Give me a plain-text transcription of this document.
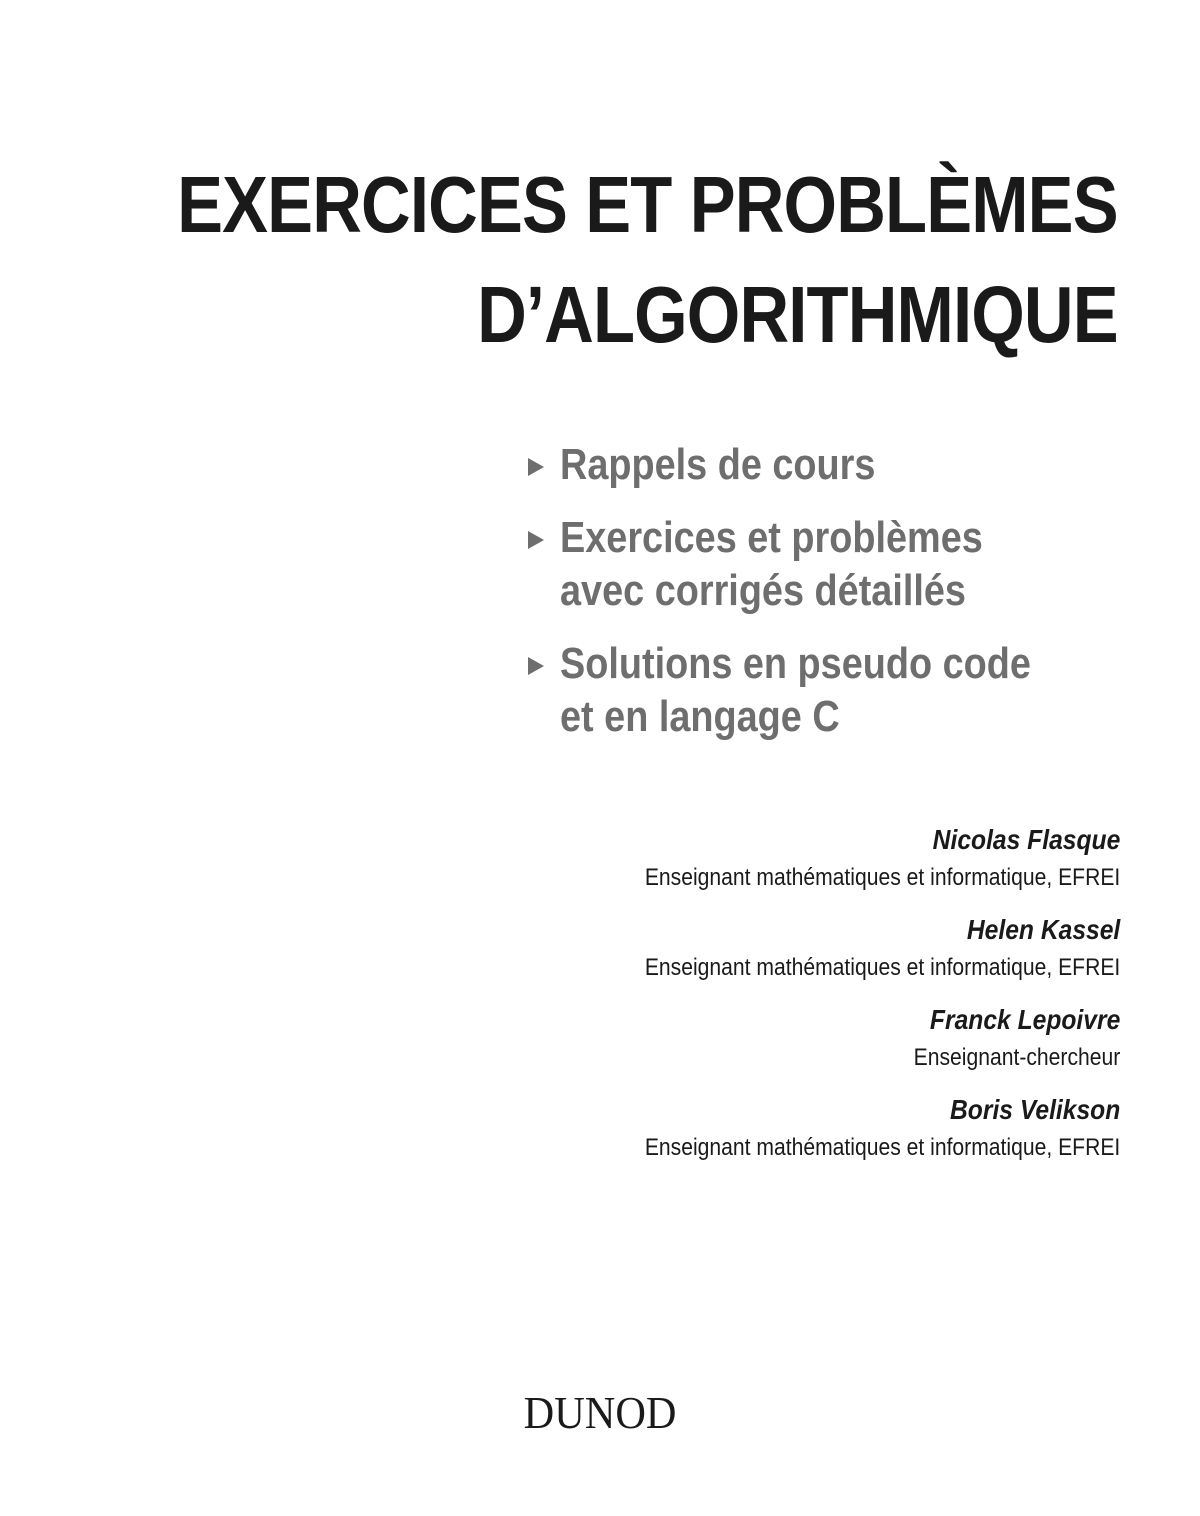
EXERCICES ET PROBLÈMES
D’ALGORITHMIQUE
Rappels de cours
Exercices et problèmes
avec corrigés détaillés
Solutions en pseudo code
et en langage C
Nicolas Flasque
Enseignant mathématiques et informatique, EFREI
Helen Kassel
Enseignant mathématiques et informatique, EFREI
Franck Lepoivre
Enseignant-chercheur
Boris Velikson
Enseignant mathématiques et informatique, EFREI
DUNOD
